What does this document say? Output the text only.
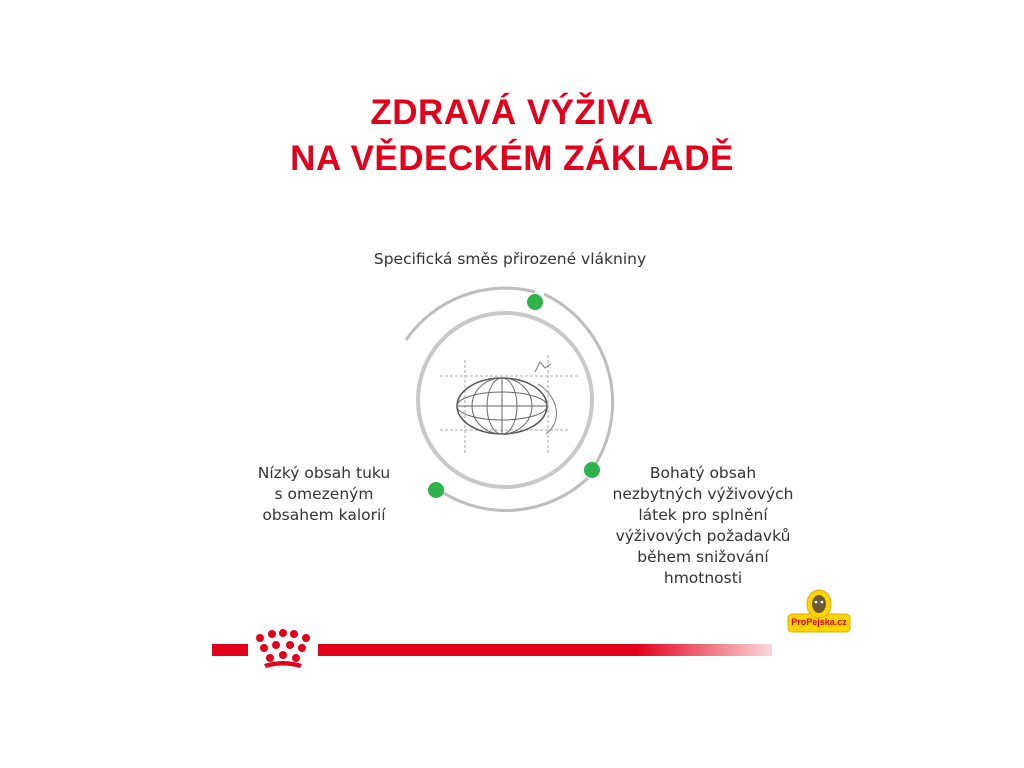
ZDRAVÁ VÝŽIVA
NA VĚDECKÉM ZÁKLADĚ
Specifická směs přirozené vlákniny
Nízký obsah tuku
s omezeným
obsahem kalorií
Bohatý obsah
nezbytných výživových
látek pro splnění
výživových požadavků
během snižování
hmotnosti
ProPejska.cz
